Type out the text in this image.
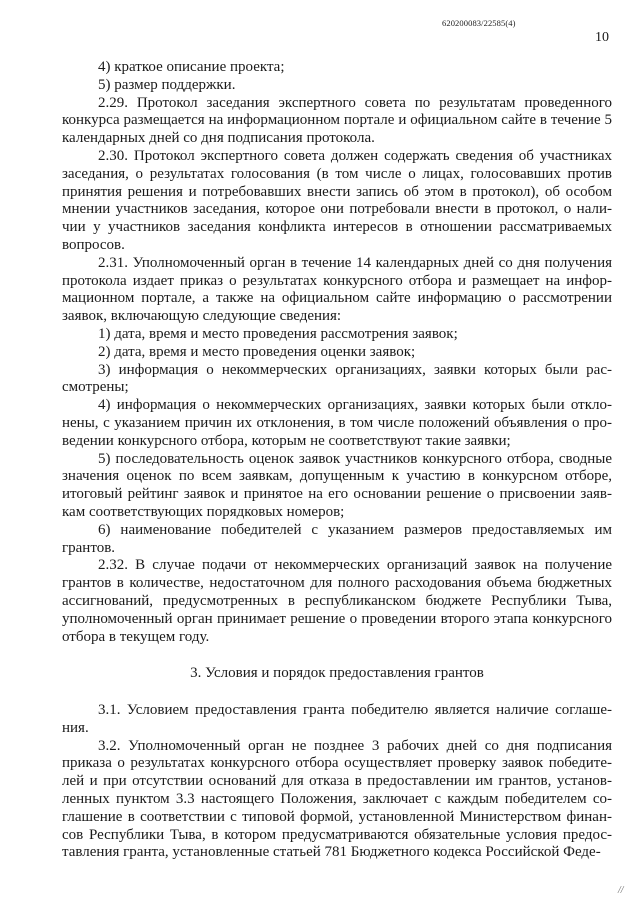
620200083/22585(4)
10

4) краткое описание проекта;

5) размер поддержки.

2.29. Протокол заседания экспертного совета по результатам проведенного конкурса размещается на информационном портале и официальном сайте в течение 5 календарных дней со дня подписания протокола.

2.30. Протокол экспертного совета должен содержать сведения об участниках заседания, о результатах голосования (в том числе о лицах, голосовавших против принятия решения и потребовавших внести запись об этом в протокол), об особом мнении участников заседания, которое они потребовали внести в протокол, о наличии у участников заседания конфликта интересов в отношении рассматриваемых вопросов.

2.31. Уполномоченный орган в течение 14 календарных дней со дня получения протокола издает приказ о результатах конкурсного отбора и размещает на информационном портале, а также на официальном сайте информацию о рассмотрении заявок, включающую следующие сведения:

1) дата, время и место проведения рассмотрения заявок;

2) дата, время и место проведения оценки заявок;

3) информация о некоммерческих организациях, заявки которых были рассмотрены;

4) информация о некоммерческих организациях, заявки которых были отклонены, с указанием причин их отклонения, в том числе положений объявления о проведении конкурсного отбора, которым не соответствуют такие заявки;

5) последовательность оценок заявок участников конкурсного отбора, сводные значения оценок по всем заявкам, допущенным к участию в конкурсном отборе, итоговый рейтинг заявок и принятое на его основании решение о присвоении заявкам соответствующих порядковых номеров;

6) наименование победителей с указанием размеров предоставляемых им грантов.

2.32. В случае подачи от некоммерческих организаций заявок на получение грантов в количестве, недостаточном для полного расходования объема бюджетных ассигнований, предусмотренных в республиканском бюджете Республики Тыва, уполномоченный орган принимает решение о проведении второго этапа конкурсного отбора в текущем году.

3. Условия и порядок предоставления грантов

3.1. Условием предоставления гранта победителю является наличие соглашения.

3.2. Уполномоченный орган не позднее 3 рабочих дней со дня подписания приказа о результатах конкурсного отбора осуществляет проверку заявок победителей и при отсутствии оснований для отказа в предоставлении им грантов, установленных пунктом 3.3 настоящего Положения, заключает с каждым победителем соглашение в соответствии с типовой формой, установленной Министерством финансов Республики Тыва, в котором предусматриваются обязательные условия предоставления гранта, установленные статьей 781 Бюджетного кодекса Российской Феде-

//
